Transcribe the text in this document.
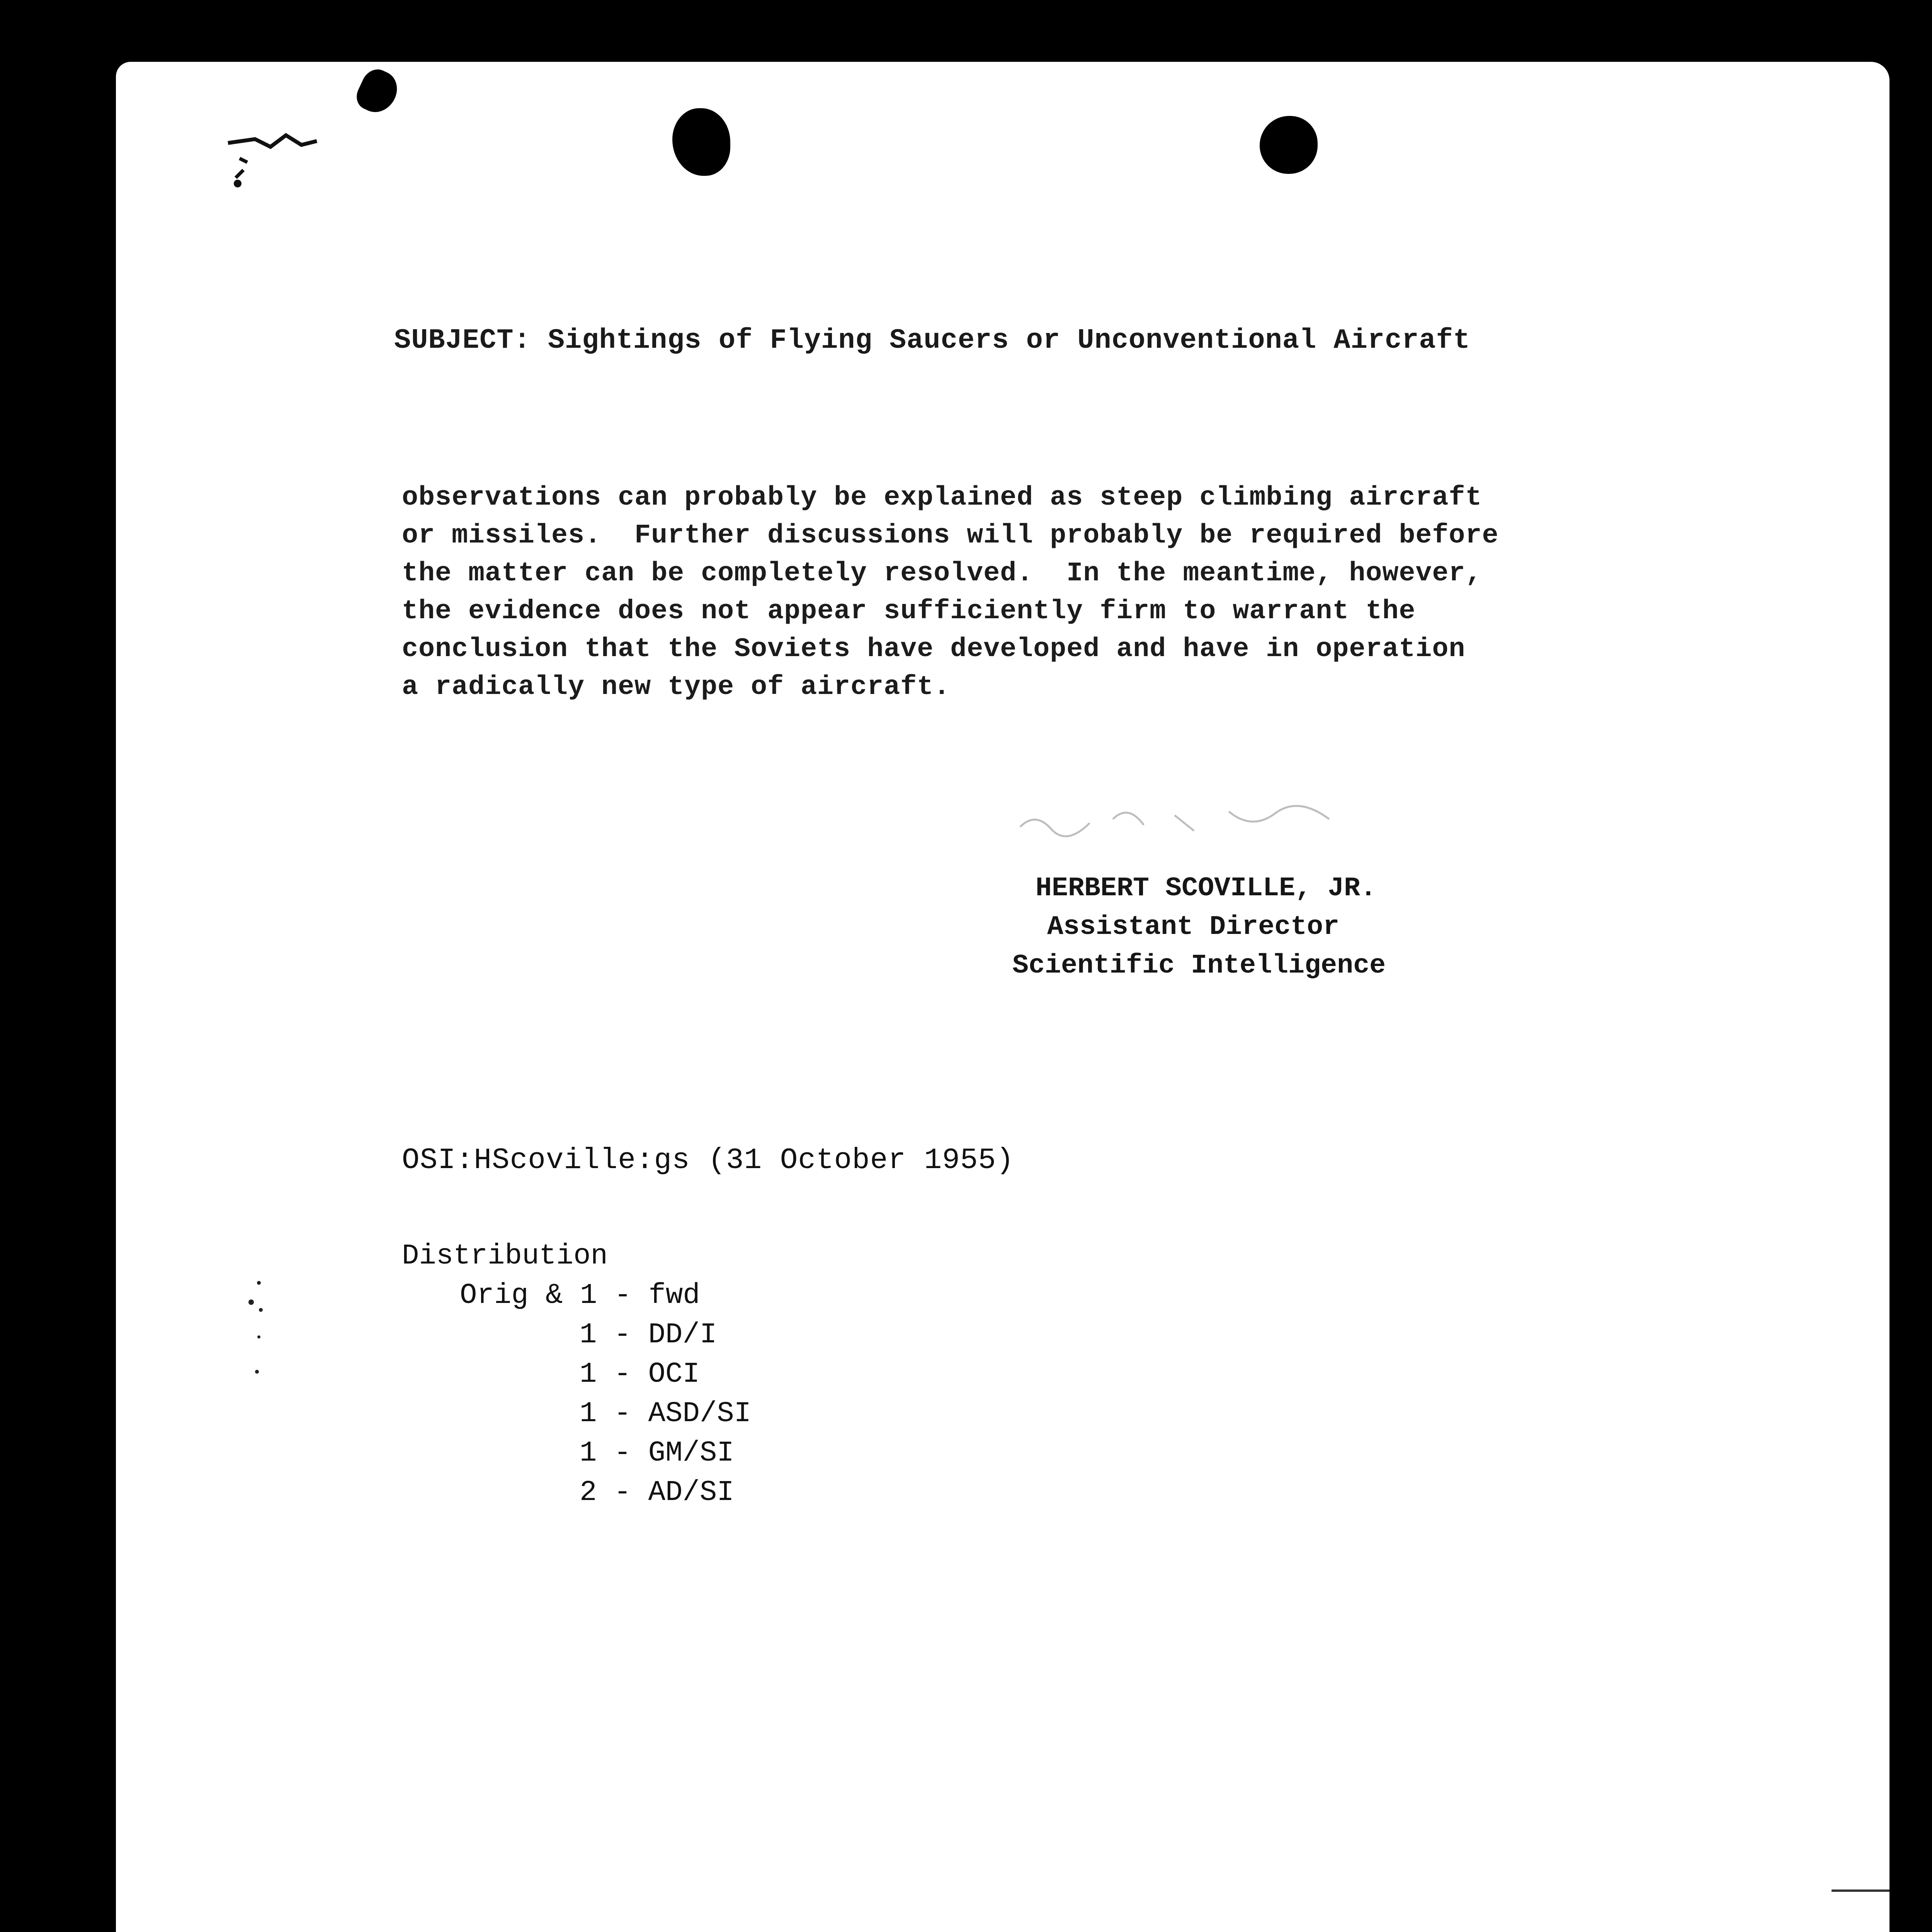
SUBJECT: Sightings of Flying Saucers or Unconventional Aircraft
observations can probably be explained as steep climbing aircraft
or missiles.  Further discussions will probably be required before
the matter can be completely resolved.  In the meantime, however,
the evidence does not appear sufficiently firm to warrant the
conclusion that the Soviets have developed and have in operation
a radically new type of aircraft.
HERBERT SCOVILLE, JR.
Assistant Director
Scientific Intelligence
OSI:HScoville:gs (31 October 1955)
Distribution
Orig & 1 - fwd
1 - DD/I
1 - OCI
1 - ASD/SI
1 - GM/SI
2 - AD/SI
